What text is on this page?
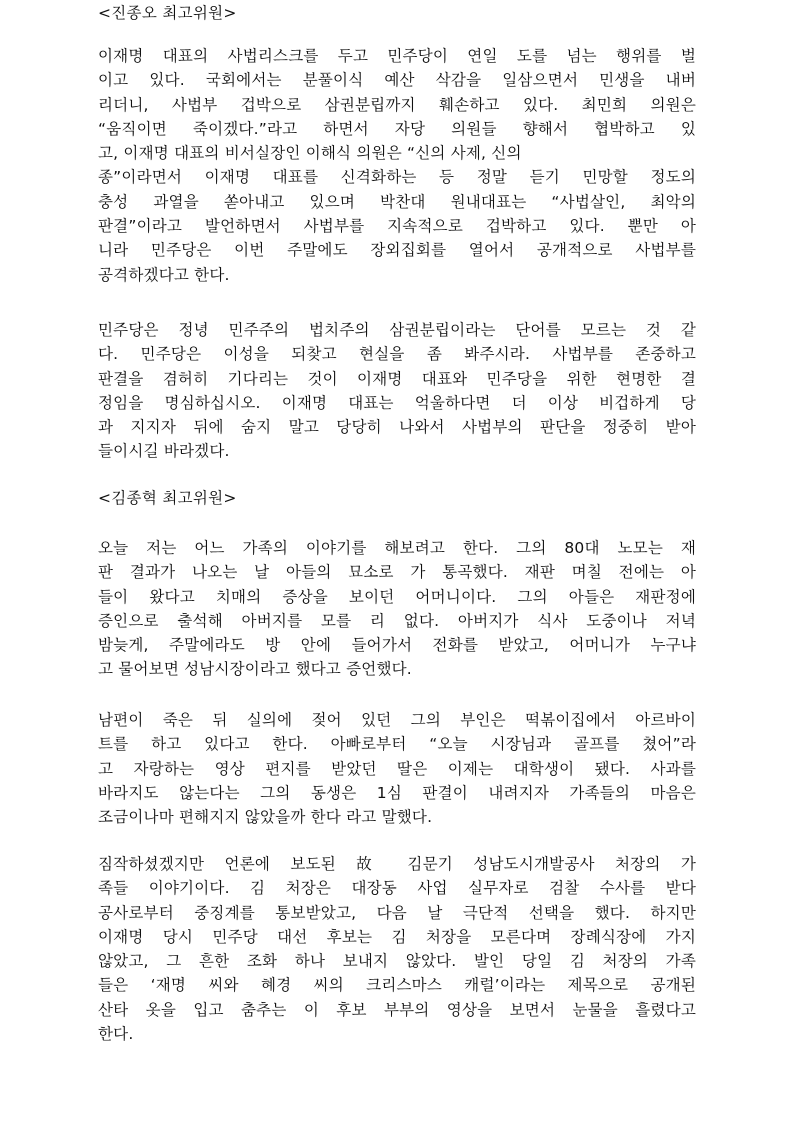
<진종오 최고위원>
이재명 대표의 사법리스크를 두고 민주당이 연일 도를 넘는 행위를 벌
이고 있다. 국회에서는 분풀이식 예산 삭감을 일삼으면서 민생을 내버
리더니, 사법부 겁박으로 삼권분립까지 훼손하고 있다. 최민희 의원은
“움직이면 죽이겠다.”라고 하면서 자당 의원들 향해서 협박하고 있
고, 이재명 대표의 비서실장인 이해식 의원은 “신의 사제, 신의
종”이라면서 이재명 대표를 신격화하는 등 정말 듣기 민망할 정도의
충성 과열을 쏟아내고 있으며 박찬대 원내대표는 “사법살인, 최악의
판결”이라고 발언하면서 사법부를 지속적으로 겁박하고 있다. 뿐만 아
니라 민주당은 이번 주말에도 장외집회를 열어서 공개적으로 사법부를
공격하겠다고 한다.
민주당은 정녕 민주주의 법치주의 삼권분립이라는 단어를 모르는 것 같
다. 민주당은 이성을 되찾고 현실을 좀 봐주시라. 사법부를 존중하고
판결을 겸허히 기다리는 것이 이재명 대표와 민주당을 위한 현명한 결
정임을 명심하십시오. 이재명 대표는 억울하다면 더 이상 비겁하게 당
과 지지자 뒤에 숨지 말고 당당히 나와서 사법부의 판단을 정중히 받아
들이시길 바라겠다.
<김종혁 최고위원>
오늘 저는 어느 가족의 이야기를 해보려고 한다. 그의 80대 노모는 재
판 결과가 나오는 날 아들의 묘소로 가 통곡했다. 재판 며칠 전에는 아
들이 왔다고 치매의 증상을 보이던 어머니이다. 그의 아들은 재판정에
증인으로 출석해 아버지를 모를 리 없다. 아버지가 식사 도중이나 저녁
밤늦게, 주말에라도 방 안에 들어가서 전화를 받았고, 어머니가 누구냐
고 물어보면 성남시장이라고 했다고 증언했다.
남편이 죽은 뒤 실의에 젖어 있던 그의 부인은 떡볶이집에서 아르바이
트를 하고 있다고 한다. 아빠로부터 “오늘 시장님과 골프를 쳤어”라
고 자랑하는 영상 편지를 받았던 딸은 이제는 대학생이 됐다. 사과를
바라지도 않는다는 그의 동생은 1심 판결이 내려지자 가족들의 마음은
조금이나마 편해지지 않았을까 한다 라고 말했다.
짐작하셨겠지만 언론에 보도된 故 김문기 성남도시개발공사 처장의 가
족들 이야기이다. 김 처장은 대장동 사업 실무자로 검찰 수사를 받다
공사로부터 중징계를 통보받았고, 다음 날 극단적 선택을 했다. 하지만
이재명 당시 민주당 대선 후보는 김 처장을 모른다며 장례식장에 가지
않았고, 그 흔한 조화 하나 보내지 않았다. 발인 당일 김 처장의 가족
들은 ‘재명 씨와 혜경 씨의 크리스마스 캐럴’이라는 제목으로 공개된
산타 옷을 입고 춤추는 이 후보 부부의 영상을 보면서 눈물을 흘렸다고
한다.
